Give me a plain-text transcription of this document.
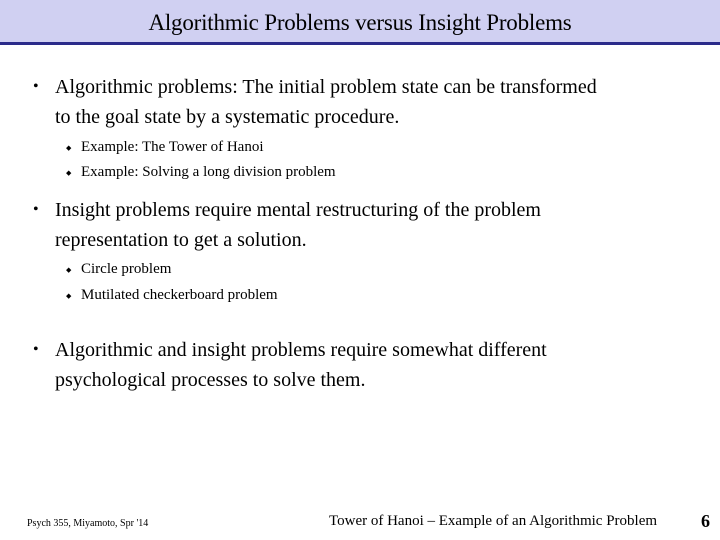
Algorithmic Problems versus Insight Problems
• Algorithmic problems: The initial problem state can be transformed
to the goal state by a systematic procedure.
◆ Example: The Tower of Hanoi
◆ Example: Solving a long division problem
• Insight problems require mental restructuring of the problem
representation to get a solution.
◆ Circle problem
◆ Mutilated checkerboard problem
• Algorithmic and insight problems require somewhat different
psychological processes to solve them.
Psych 355, Miyamoto, Spr '14	Tower of Hanoi – Example of an Algorithmic Problem 6
